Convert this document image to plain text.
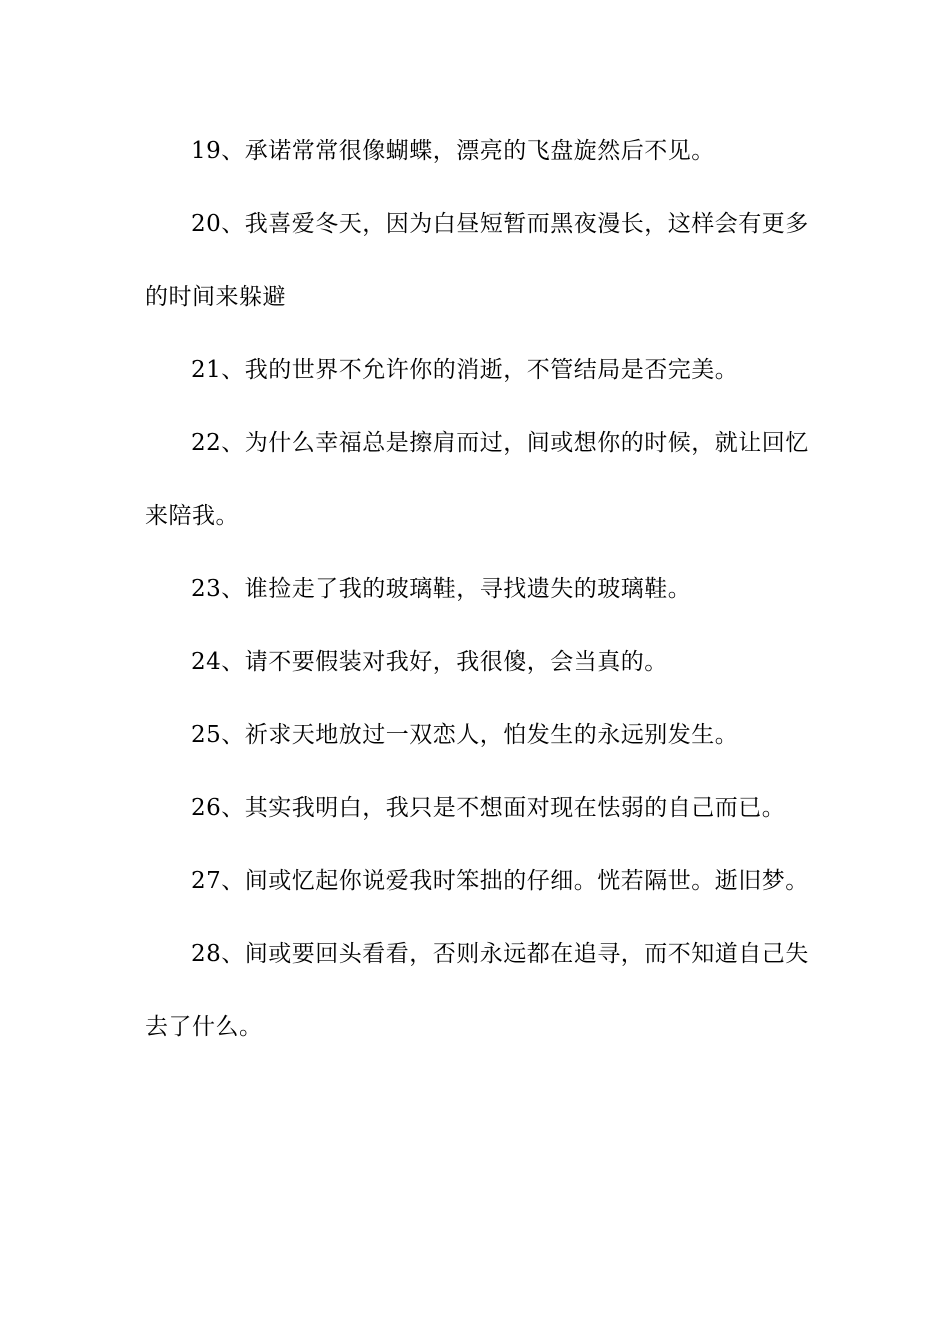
19、承诺常常很像蝴蝶，漂亮的飞盘旋然后不见。

20、我喜爱冬天，因为白昼短暂而黑夜漫长，这样会有更多的时间来躲避

21、我的世界不允许你的消逝，不管结局是否完美。

22、为什么幸福总是擦肩而过，间或想你的时候，就让回忆来陪我。

23、谁捡走了我的玻璃鞋，寻找遗失的玻璃鞋。

24、请不要假装对我好，我很傻，会当真的。

25、祈求天地放过一双恋人，怕发生的永远别发生。

26、其实我明白，我只是不想面对现在怯弱的自己而已。

27、间或忆起你说爱我时笨拙的仔细。恍若隔世。逝旧梦。

28、间或要回头看看，否则永远都在追寻，而不知道自己失去了什么。
